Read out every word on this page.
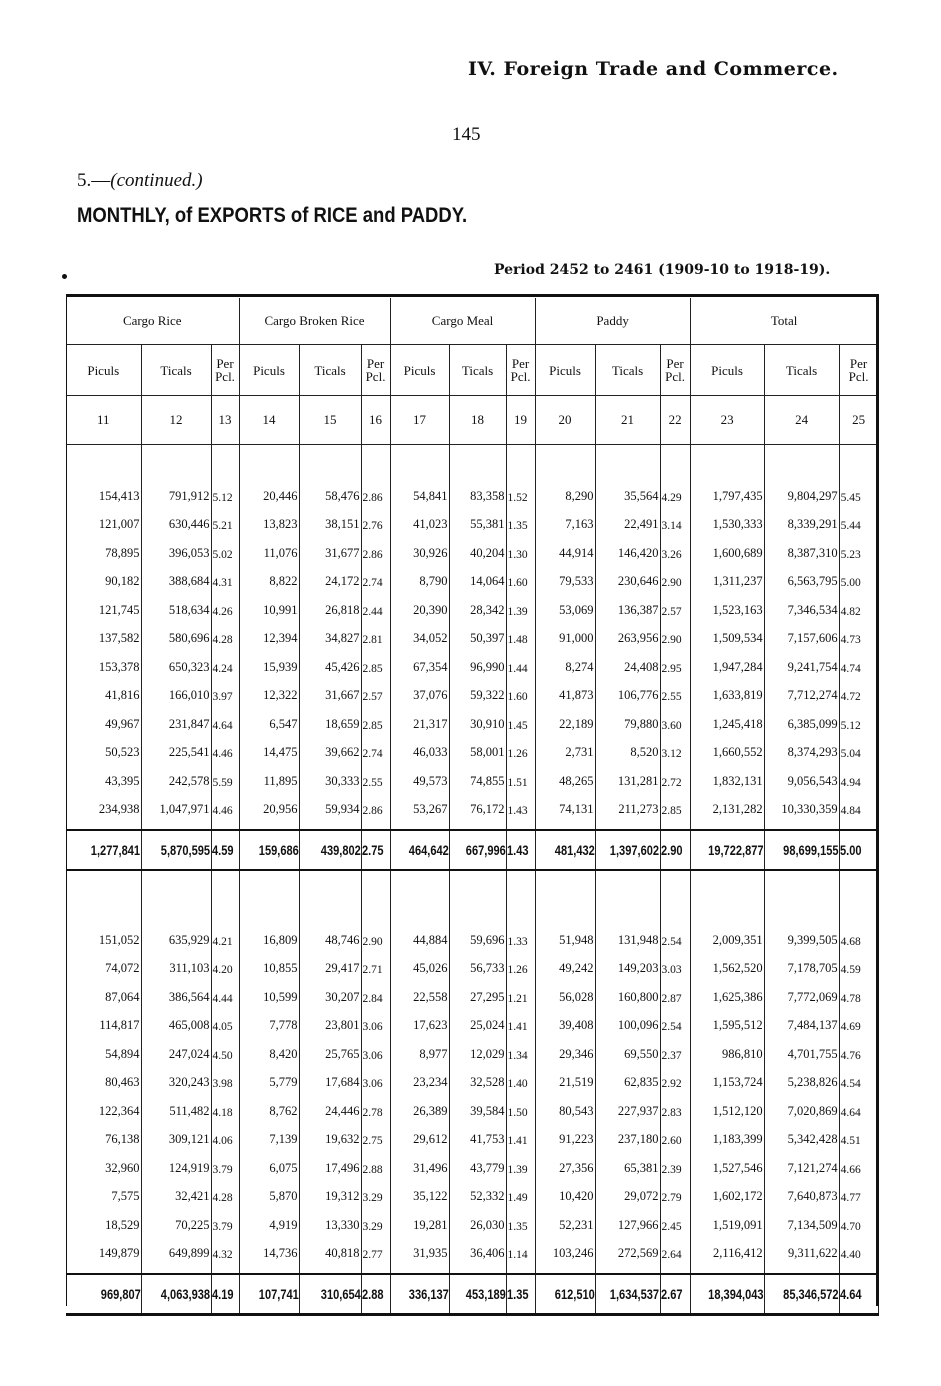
IV. Foreign Trade and Commerce.
145
5.—(continued.)
MONTHLY, of EXPORTS of RICE and PADDY.
Period 2452 to 2461 (1909-10 to 1918-19).
Cargo Rice			Cargo Broken Rice			Cargo Meal			Paddy			Total		
Piculs	Ticals	Per Pcl.	Piculs	Ticals	Per Pcl.	Piculs	Ticals	Per Pcl.	Piculs	Ticals	Per Pcl.	Piculs	Ticals	Per Pcl.
11	12	13	14	15	16	17	18	19	20	21	22	23	24	25

154,413	791,912	5.12	20,446	58,476	2.86	54,841	83,358	1.52	8,290	35,564	4.29	1,797,435	9,804,297	5.45
121,007	630,446	5.21	13,823	38,151	2.76	41,023	55,381	1.35	7,163	22,491	3.14	1,530,333	8,339,291	5.44
78,895	396,053	5.02	11,076	31,677	2.86	30,926	40,204	1.30	44,914	146,420	3.26	1,600,689	8,387,310	5.23
90,182	388,684	4.31	8,822	24,172	2.74	8,790	14,064	1.60	79,533	230,646	2.90	1,311,237	6,563,795	5.00
121,745	518,634	4.26	10,991	26,818	2.44	20,390	28,342	1.39	53,069	136,387	2.57	1,523,163	7,346,534	4.82
137,582	580,696	4.28	12,394	34,827	2.81	34,052	50,397	1.48	91,000	263,956	2.90	1,509,534	7,157,606	4.73
153,378	650,323	4.24	15,939	45,426	2.85	67,354	96,990	1.44	8,274	24,408	2.95	1,947,284	9,241,754	4.74
41,816	166,010	3.97	12,322	31,667	2.57	37,076	59,322	1.60	41,873	106,776	2.55	1,633,819	7,712,274	4.72
49,967	231,847	4.64	6,547	18,659	2.85	21,317	30,910	1.45	22,189	79,880	3.60	1,245,418	6,385,099	5.12
50,523	225,541	4.46	14,475	39,662	2.74	46,033	58,001	1.26	2,731	8,520	3.12	1,660,552	8,374,293	5.04
43,395	242,578	5.59	11,895	30,333	2.55	49,573	74,855	1.51	48,265	131,281	2.72	1,832,131	9,056,543	4.94
234,938	1,047,971	4.46	20,956	59,934	2.86	53,267	76,172	1.43	74,131	211,273	2.85	2,131,282	10,330,359	4.84

1,277,841	5,870,595	4.59	159,686	439,802	2.75	464,642	667,996	1.43	481,432	1,397,602	2.90	19,722,877	98,699,155	5.00

151,052	635,929	4.21	16,809	48,746	2.90	44,884	59,696	1.33	51,948	131,948	2.54	2,009,351	9,399,505	4.68
74,072	311,103	4.20	10,855	29,417	2.71	45,026	56,733	1.26	49,242	149,203	3.03	1,562,520	7,178,705	4.59
87,064	386,564	4.44	10,599	30,207	2.84	22,558	27,295	1.21	56,028	160,800	2.87	1,625,386	7,772,069	4.78
114,817	465,008	4.05	7,778	23,801	3.06	17,623	25,024	1.41	39,408	100,096	2.54	1,595,512	7,484,137	4.69
54,894	247,024	4.50	8,420	25,765	3.06	8,977	12,029	1.34	29,346	69,550	2.37	986,810	4,701,755	4.76
80,463	320,243	3.98	5,779	17,684	3.06	23,234	32,528	1.40	21,519	62,835	2.92	1,153,724	5,238,826	4.54
122,364	511,482	4.18	8,762	24,446	2.78	26,389	39,584	1.50	80,543	227,937	2.83	1,512,120	7,020,869	4.64
76,138	309,121	4.06	7,139	19,632	2.75	29,612	41,753	1.41	91,223	237,180	2.60	1,183,399	5,342,428	4.51
32,960	124,919	3.79	6,075	17,496	2.88	31,496	43,779	1.39	27,356	65,381	2.39	1,527,546	7,121,274	4.66
7,575	32,421	4.28	5,870	19,312	3.29	35,122	52,332	1.49	10,420	29,072	2.79	1,602,172	7,640,873	4.77
18,529	70,225	3.79	4,919	13,330	3.29	19,281	26,030	1.35	52,231	127,966	2.45	1,519,091	7,134,509	4.70
149,879	649,899	4.32	14,736	40,818	2.77	31,935	36,406	1.14	103,246	272,569	2.64	2,116,412	9,311,622	4.40

969,807	4,063,938	4.19	107,741	310,654	2.88	336,137	453,189	1.35	612,510	1,634,537	2.67	18,394,043	85,346,572	4.64
